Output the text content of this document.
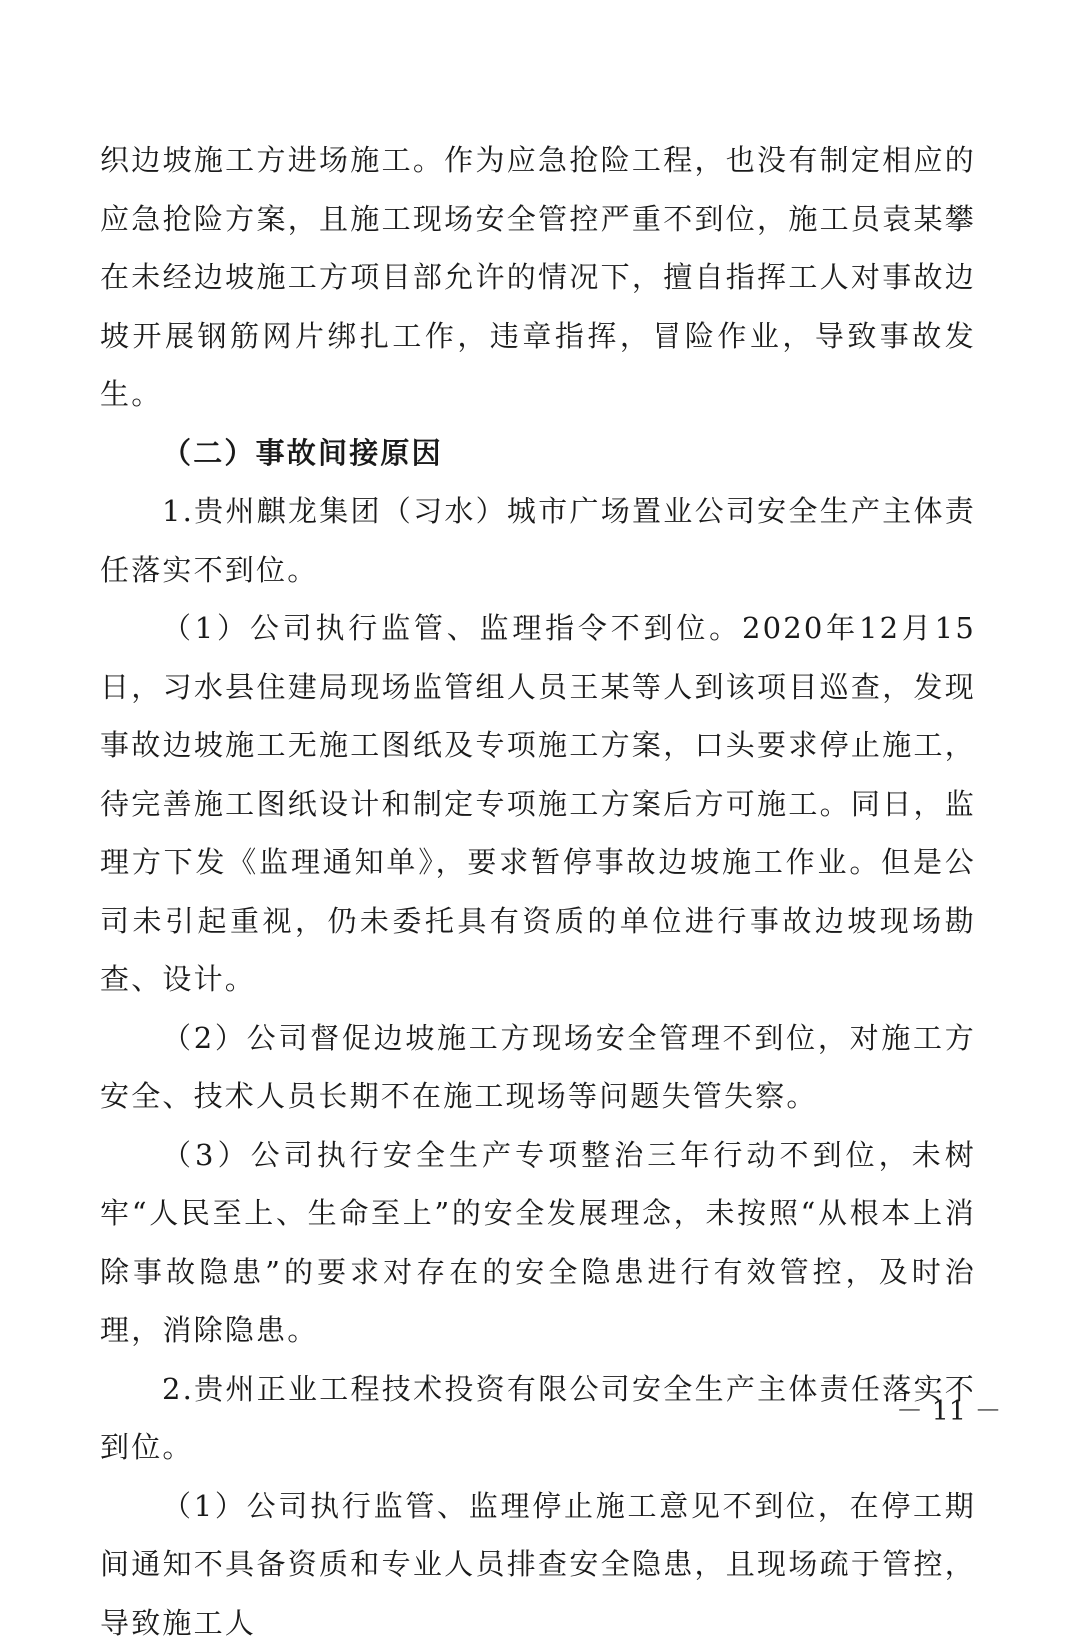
织边坡施工方进场施工。作为应急抢险工程，也没有制定相应的应急抢险方案，且施工现场安全管控严重不到位，施工员袁某攀在未经边坡施工方项目部允许的情况下，擅自指挥工人对事故边坡开展钢筋网片绑扎工作，违章指挥，冒险作业，导致事故发生。

（二）事故间接原因

1.贵州麒龙集团（习水）城市广场置业公司安全生产主体责任落实不到位。

（1）公司执行监管、监理指令不到位。2020年12月15日，习水县住建局现场监管组人员王某等人到该项目巡查，发现事故边坡施工无施工图纸及专项施工方案，口头要求停止施工，待完善施工图纸设计和制定专项施工方案后方可施工。同日，监理方下发《监理通知单》，要求暂停事故边坡施工作业。但是公司未引起重视，仍未委托具有资质的单位进行事故边坡现场勘查、设计。

（2）公司督促边坡施工方现场安全管理不到位，对施工方安全、技术人员长期不在施工现场等问题失管失察。

（3）公司执行安全生产专项整治三年行动不到位，未树牢“人民至上、生命至上”的安全发展理念，未按照“从根本上消除事故隐患”的要求对存在的安全隐患进行有效管控，及时治理，消除隐患。

2.贵州正业工程技术投资有限公司安全生产主体责任落实不到位。

（1）公司执行监管、监理停止施工意见不到位，在停工期间通知不具备资质和专业人员排查安全隐患，且现场疏于管控，导致施工人

－ 11 －
